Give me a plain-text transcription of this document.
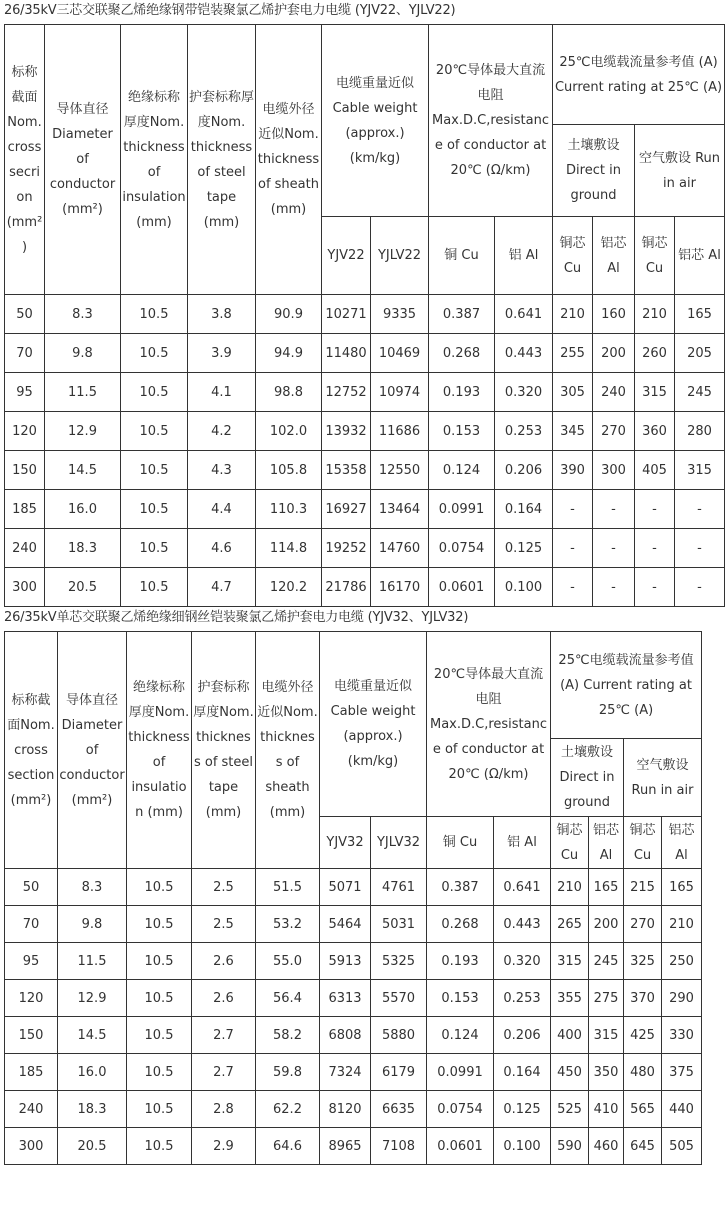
26/35kV三芯交联聚乙烯绝缘钢带铠装聚氯乙烯护套电力电缆 (YJV22、YJLV22)
标称截面Nom. cross secrion (mm²)	导体直径Diameter of conductor (mm²)	绝缘标称厚度Nom. thickness of insulation (mm)	护套标称厚度Nom. thickness of steel tape (mm)	电缆外径近似Nom. thickness of sheath (mm)	电缆重量近似Cable weight (approx.) (km/kg)		20℃导体最大直流电阻Max.D.C,resistance of conductor at 20℃ (Ω/km)		25℃电缆载流量参考值 (A) Current rating at 25℃ (A)			
									土壤敷设 Direct in ground		空气敷设 Run in air	
					YJV22	YJLV22	铜 Cu	铝 Al	铜芯 Cu	铝芯 Al	铜芯 Cu	铝芯 Al
50	8.3	10.5	3.8	90.9	10271	9335	0.387	0.641	210	160	210	165
70	9.8	10.5	3.9	94.9	11480	10469	0.268	0.443	255	200	260	205
95	11.5	10.5	4.1	98.8	12752	10974	0.193	0.320	305	240	315	245
120	12.9	10.5	4.2	102.0	13932	11686	0.153	0.253	345	270	360	280
150	14.5	10.5	4.3	105.8	15358	12550	0.124	0.206	390	300	405	315
185	16.0	10.5	4.4	110.3	16927	13464	0.0991	0.164	-	-	-	-
240	18.3	10.5	4.6	114.8	19252	14760	0.0754	0.125	-	-	-	-
300	20.5	10.5	4.7	120.2	21786	16170	0.0601	0.100	-	-	-	-
26/35kV单芯交联聚乙烯绝缘细钢丝铠装聚氯乙烯护套电力电缆 (YJV32、YJLV32)
标称截面Nom. cross section (mm²)	导体直径Diameter of conductor (mm²)	绝缘标称厚度Nom. thickness of insulation (mm)	护套标称厚度Nom. thickness of steel tape (mm)	电缆外径近似Nom. thickness of sheath (mm)	电缆重量近似Cable weight (approx.) (km/kg)		20℃导体最大直流电阻Max.D.C,resistance of conductor at 20℃ (Ω/km)		25℃电缆载流量参考值 (A) Current rating at 25℃ (A)			
									土壤敷设 Direct in ground		空气敷设 Run in air	
					YJV32	YJLV32	铜 Cu	铝 Al	铜芯 Cu	铝芯 Al	铜芯 Cu	铝芯 Al
50	8.3	10.5	2.5	51.5	5071	4761	0.387	0.641	210	165	215	165
70	9.8	10.5	2.5	53.2	5464	5031	0.268	0.443	265	200	270	210
95	11.5	10.5	2.6	55.0	5913	5325	0.193	0.320	315	245	325	250
120	12.9	10.5	2.6	56.4	6313	5570	0.153	0.253	355	275	370	290
150	14.5	10.5	2.7	58.2	6808	5880	0.124	0.206	400	315	425	330
185	16.0	10.5	2.7	59.8	7324	6179	0.0991	0.164	450	350	480	375
240	18.3	10.5	2.8	62.2	8120	6635	0.0754	0.125	525	410	565	440
300	20.5	10.5	2.9	64.6	8965	7108	0.0601	0.100	590	460	645	505
